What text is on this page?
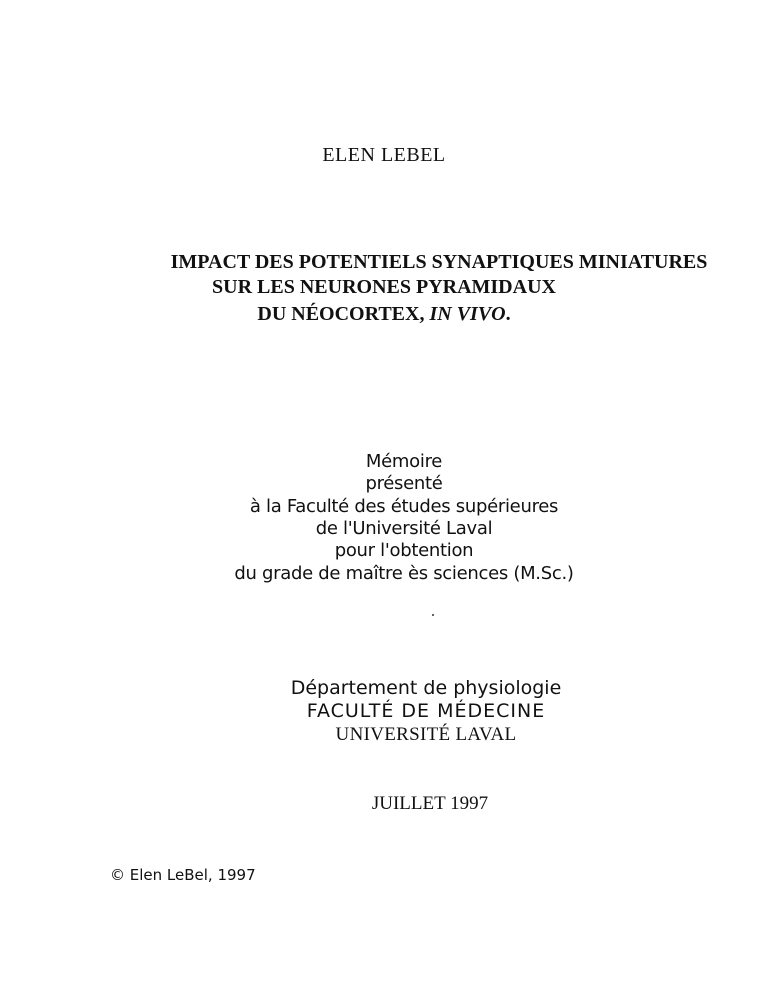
ELEN LEBEL
IMPACT DES POTENTIELS SYNAPTIQUES MINIATURES
SUR LES NEURONES PYRAMIDAUX
DU NÉOCORTEX, IN VIVO.
Mémoire
présenté
à la Faculté des études supérieures
de l'Université Laval
pour l'obtention
du grade de maître ès sciences (M.Sc.)
Département de physiologie
FACULTÉ DE MÉDECINE
UNIVERSITÉ LAVAL
JUILLET 1997
© Elen LeBel, 1997
